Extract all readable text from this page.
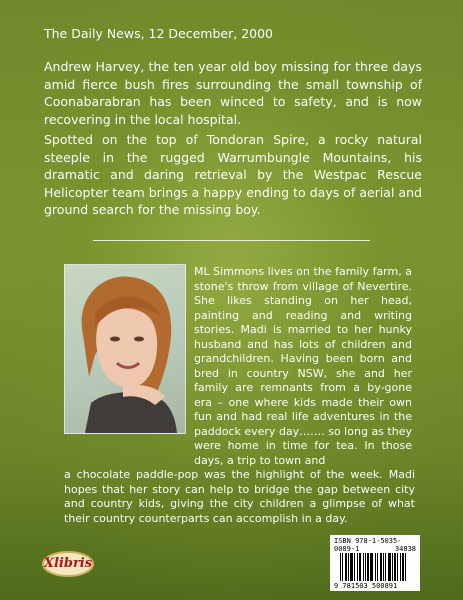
The Daily News, 12 December, 2000
Andrew Harvey, the ten year old boy missing for three days amid fierce bush fires surrounding the small township of Coonabarabran has been winced to safety, and is now recovering in the local hospital.
Spotted on the top of Tondoran Spire, a rocky natural steeple in the rugged Warrumbungle Mountains, his dramatic and daring retrieval by the Westpac Rescue Helicopter team brings a happy ending to days of aerial and ground search for the missing boy.
ML Simmons lives on the family farm, a stone's throw from village of Nevertire. She likes standing on her head, painting and reading and writing stories. Madi is married to her hunky husband and has lots of children and grandchildren. Having been born and bred in country NSW, she and her family are remnants from a by-gone era – one where kids made their own fun and had real life adventures in the paddock every day……. so long as they were home in time for tea. In those days, a trip to town and
a chocolate paddle-pop was the highlight of the week. Madi hopes that her story can help to bridge the gap between city and country kids, giving the city children a glimpse of what their country counterparts can accomplish in a day.
ISBN 978-1-5035-0089-1	34838
9 781503 500891
Xlibris
